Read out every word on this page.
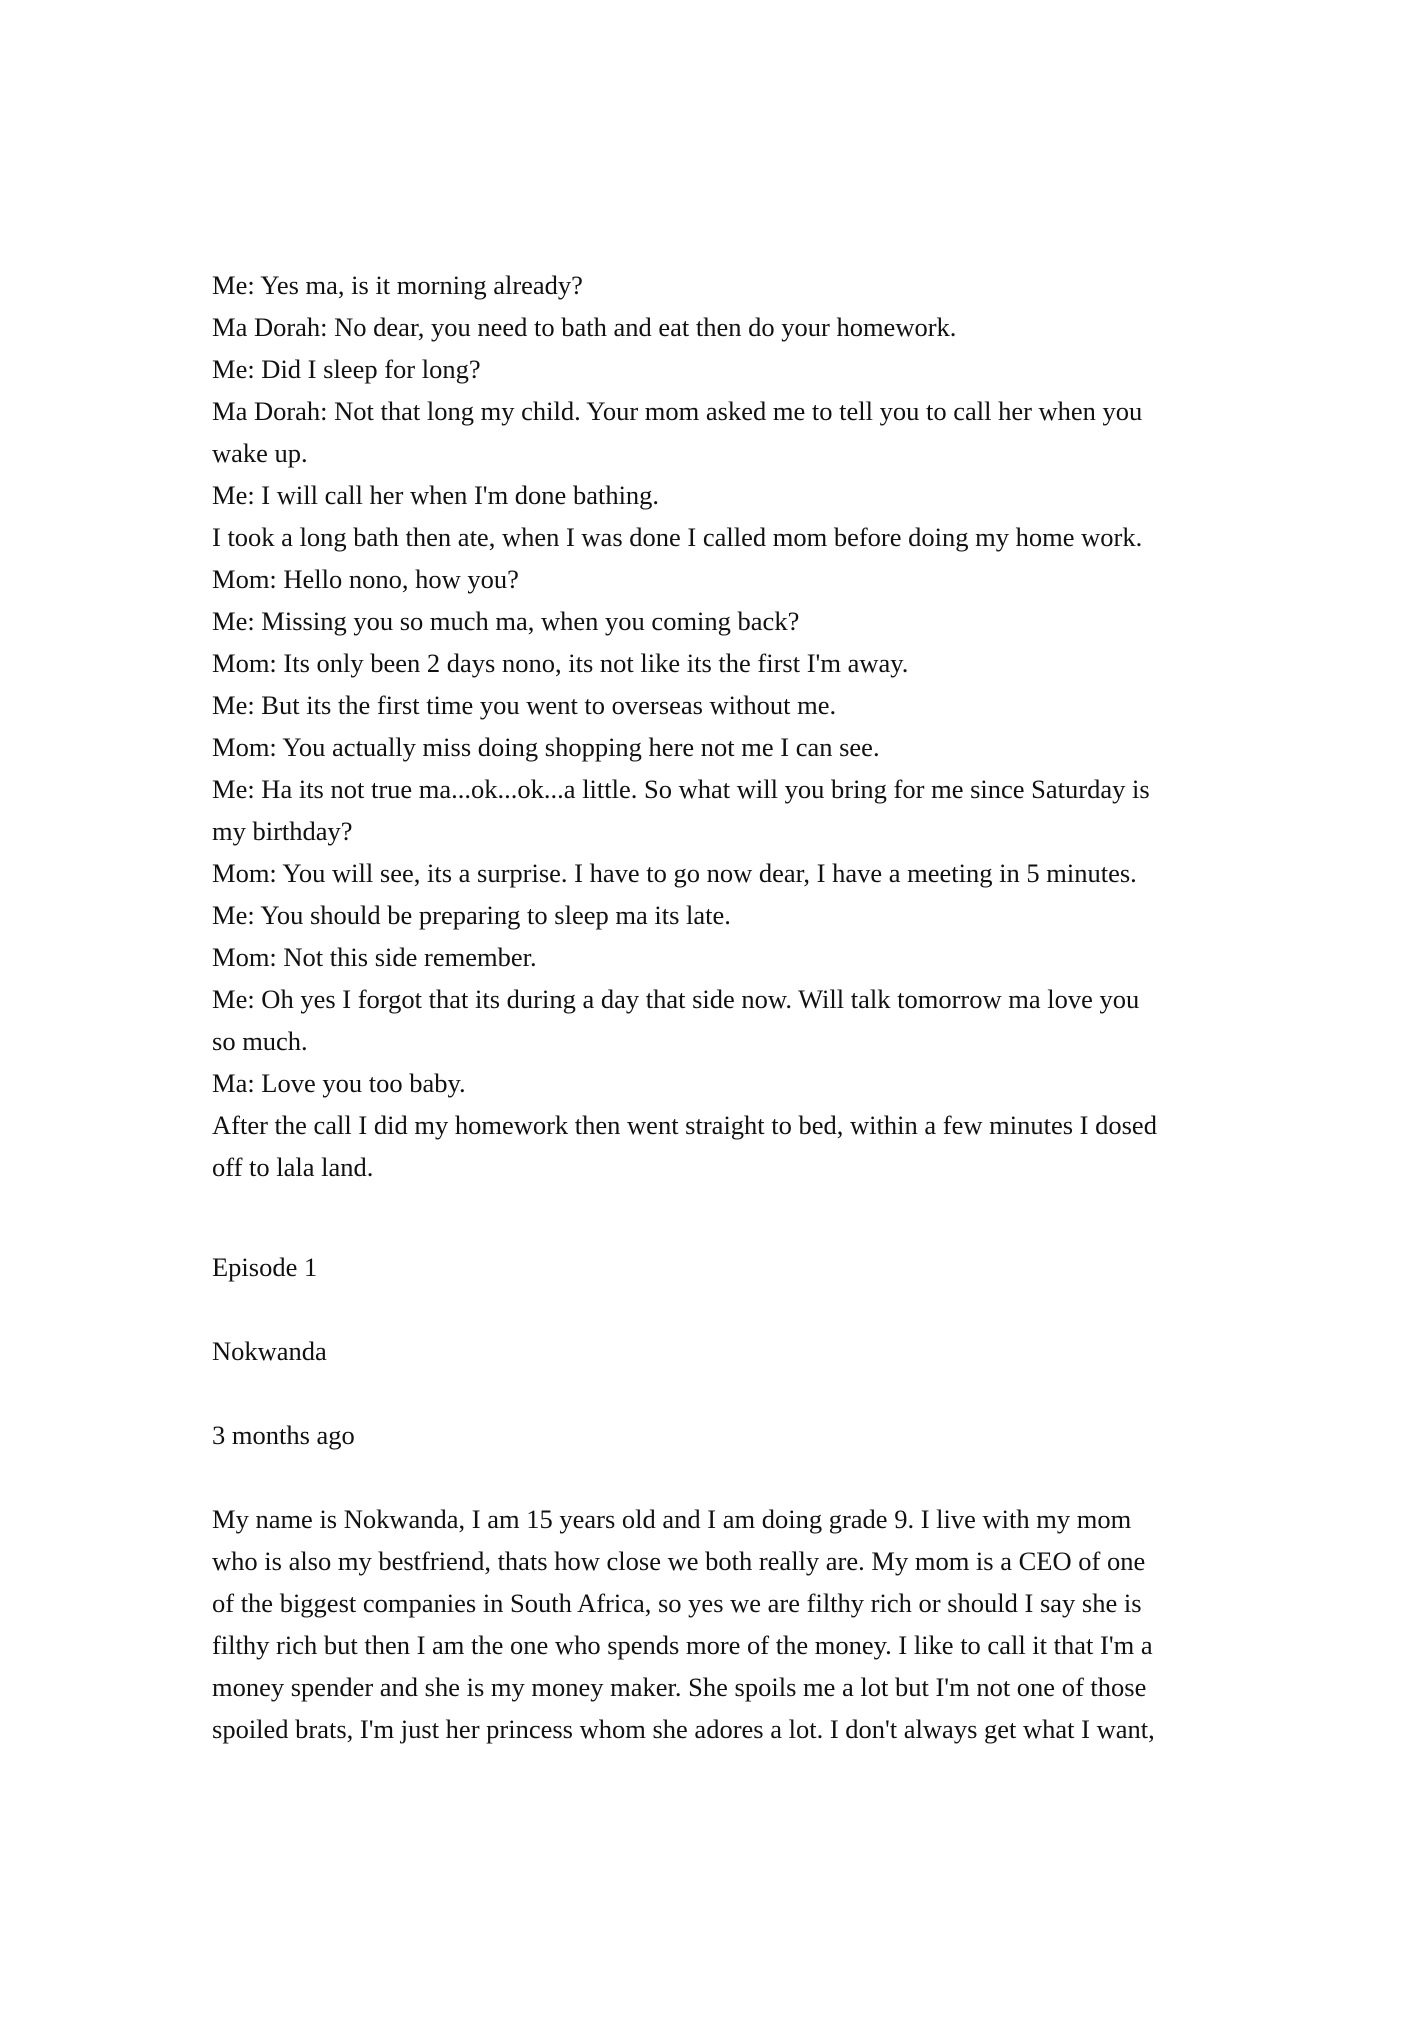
Me: Yes ma, is it morning already?
Ma Dorah: No dear, you need to bath and eat then do your homework.
Me: Did I sleep for long?
Ma Dorah: Not that long my child. Your mom asked me to tell you to call her when you
wake up.
Me: I will call her when I'm done bathing.
I took a long bath then ate, when I was done I called mom before doing my home work.
Mom: Hello nono, how you?
Me: Missing you so much ma, when you coming back?
Mom: Its only been 2 days nono, its not like its the first I'm away.
Me: But its the first time you went to overseas without me.
Mom: You actually miss doing shopping here not me I can see.
Me: Ha its not true ma...ok...ok...a little. So what will you bring for me since Saturday is
my birthday?
Mom: You will see, its a surprise. I have to go now dear, I have a meeting in 5 minutes.
Me: You should be preparing to sleep ma its late.
Mom: Not this side remember.
Me: Oh yes I forgot that its during a day that side now. Will talk tomorrow ma love you
so much.
Ma: Love you too baby.
After the call I did my homework then went straight to bed, within a few minutes I dosed
off to lala land.
Episode 1
Nokwanda
3 months ago
My name is Nokwanda, I am 15 years old and I am doing grade 9. I live with my mom
who is also my bestfriend, thats how close we both really are. My mom is a CEO of one
of the biggest companies in South Africa, so yes we are filthy rich or should I say she is
filthy rich but then I am the one who spends more of the money. I like to call it that I'm a
money spender and she is my money maker. She spoils me a lot but I'm not one of those
spoiled brats, I'm just her princess whom she adores a lot. I don't always get what I want,
